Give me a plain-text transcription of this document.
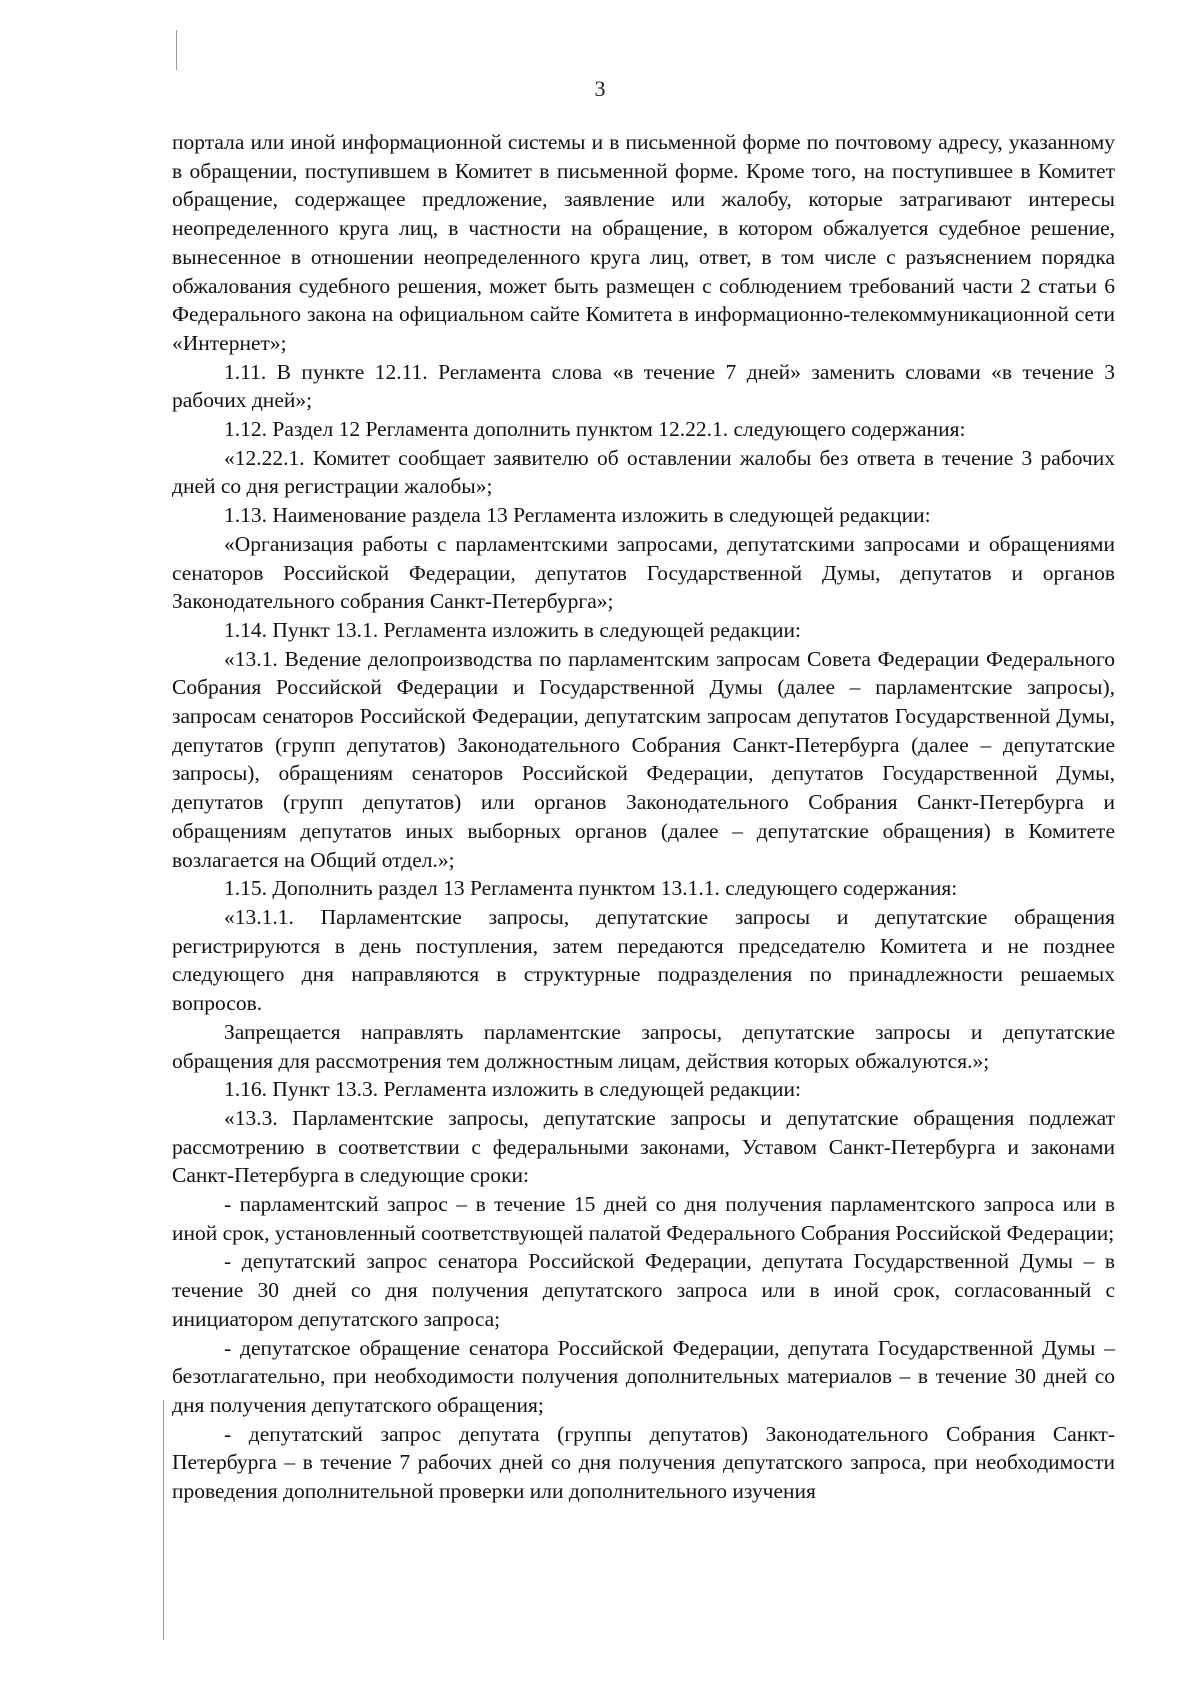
3

портала или иной информационной системы и в письменной форме по почтовому адресу, указанному в обращении, поступившем в Комитет в письменной форме. Кроме того, на поступившее в Комитет обращение, содержащее предложение, заявление или жалобу, которые затрагивают интересы неопределенного круга лиц, в частности на обращение, в котором обжалуется судебное решение, вынесенное в отношении неопределенного круга лиц, ответ, в том числе с разъяснением порядка обжалования судебного решения, может быть размещен с соблюдением требований части 2 статьи 6 Федерального закона на официальном сайте Комитета в информационно-телекоммуникационной сети «Интернет»;

1.11. В пункте 12.11. Регламента слова «в течение 7 дней» заменить словами «в течение 3 рабочих дней»;

1.12. Раздел 12 Регламента дополнить пунктом 12.22.1. следующего содержания:

«12.22.1. Комитет сообщает заявителю об оставлении жалобы без ответа в течение 3 рабочих дней со дня регистрации жалобы»;

1.13. Наименование раздела 13 Регламента изложить в следующей редакции:

«Организация работы с парламентскими запросами, депутатскими запросами и обращениями сенаторов Российской Федерации, депутатов Государственной Думы, депутатов и органов Законодательного собрания Санкт-Петербурга»;

1.14. Пункт 13.1. Регламента изложить в следующей редакции:

«13.1. Ведение делопроизводства по парламентским запросам Совета Федерации Федерального Собрания Российской Федерации и Государственной Думы (далее – парламентские запросы), запросам сенаторов Российской Федерации, депутатским запросам депутатов Государственной Думы, депутатов (групп депутатов) Законодательного Собрания Санкт-Петербурга (далее – депутатские запросы), обращениям сенаторов Российской Федерации, депутатов Государственной Думы, депутатов (групп депутатов) или органов Законодательного Собрания Санкт-Петербурга и обращениям депутатов иных выборных органов (далее – депутатские обращения) в Комитете возлагается на Общий отдел.»;

1.15. Дополнить раздел 13 Регламента пунктом 13.1.1. следующего содержания:

«13.1.1. Парламентские запросы, депутатские запросы и депутатские обращения регистрируются в день поступления, затем передаются председателю Комитета и не позднее следующего дня направляются в структурные подразделения по принадлежности решаемых вопросов.

Запрещается направлять парламентские запросы, депутатские запросы и депутатские обращения для рассмотрения тем должностным лицам, действия которых обжалуются.»;

1.16. Пункт 13.3. Регламента изложить в следующей редакции:

«13.3. Парламентские запросы, депутатские запросы и депутатские обращения подлежат рассмотрению в соответствии с федеральными законами, Уставом Санкт-Петербурга и законами Санкт-Петербурга в следующие сроки:

- парламентский запрос – в течение 15 дней со дня получения парламентского запроса или в иной срок, установленный соответствующей палатой Федерального Собрания Российской Федерации;

- депутатский запрос сенатора Российской Федерации, депутата Государственной Думы – в течение 30 дней со дня получения депутатского запроса или в иной срок, согласованный с инициатором депутатского запроса;

- депутатское обращение сенатора Российской Федерации, депутата Государственной Думы – безотлагательно, при необходимости получения дополнительных материалов – в течение 30 дней со дня получения депутатского обращения;

- депутатский запрос депутата (группы депутатов) Законодательного Собрания Санкт-Петербурга – в течение 7 рабочих дней со дня получения депутатского запроса, при необходимости проведения дополнительной проверки или дополнительного изучения
